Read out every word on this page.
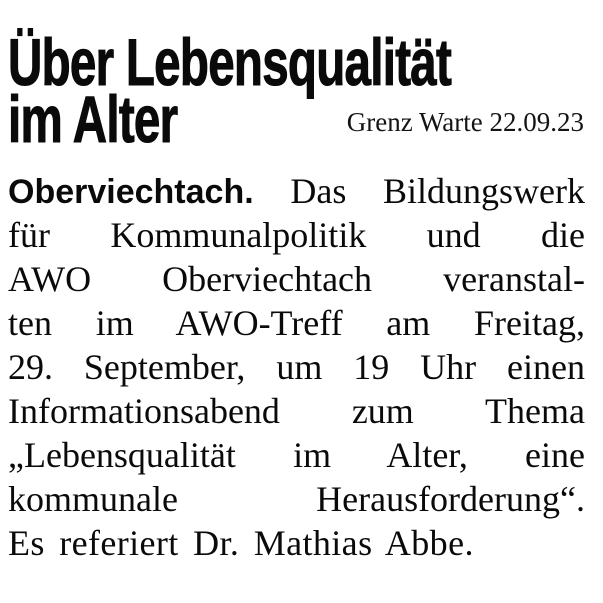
Über Lebensqualität
im Alter	Grenz Warte 22.09.23
Oberviechtach. Das Bildungswerk
für Kommunalpolitik und die
AWO Oberviechtach veranstal-
ten im AWO-Treff am Freitag,
29. September, um 19 Uhr einen
Informationsabend zum Thema
„Lebensqualität im Alter, eine
kommunale Herausforderung“.
Es referiert Dr. Mathias Abbe.
